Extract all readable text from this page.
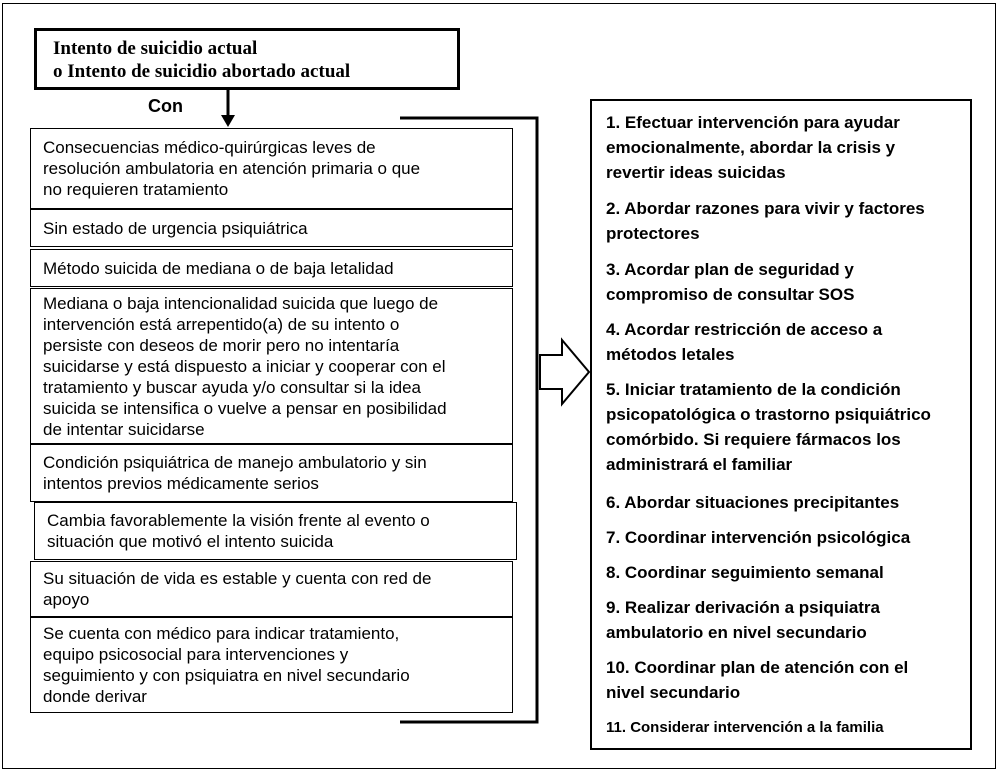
Intento de suicidio actual
o Intento de suicidio abortado actual
Con
Consecuencias médico-quirúrgicas leves de
resolución ambulatoria en atención primaria o que
no requieren tratamiento
Sin estado de urgencia psiquiátrica
Método suicida de mediana o de baja letalidad
Mediana o baja intencionalidad suicida que luego de
intervención está arrepentido(a) de su intento o
persiste con deseos de morir pero no intentaría
suicidarse y está dispuesto a iniciar y cooperar con el
tratamiento y buscar ayuda y/o consultar si la idea
suicida se intensifica o vuelve a pensar en posibilidad
de intentar suicidarse
Condición psiquiátrica de manejo ambulatorio y sin
intentos previos médicamente serios
Cambia favorablemente la visión frente al evento o
situación que motivó el intento suicida
Su situación de vida es estable y cuenta con red de
apoyo
Se cuenta con médico para indicar tratamiento,
equipo psicosocial para intervenciones y
seguimiento y con psiquiatra en nivel secundario
donde derivar
1. Efectuar intervención para ayudar
emocionalmente, abordar la crisis y
revertir ideas suicidas
2. Abordar razones para vivir y factores
protectores
3. Acordar plan de seguridad y
compromiso de consultar SOS
4. Acordar restricción de acceso a
métodos letales
5. Iniciar tratamiento de la condición
psicopatológica o trastorno psiquiátrico
comórbido. Si requiere fármacos los
administrará el familiar
6. Abordar situaciones precipitantes
7. Coordinar intervención psicológica
8. Coordinar seguimiento semanal
9. Realizar derivación a psiquiatra
ambulatorio en nivel secundario
10. Coordinar plan de atención con el
nivel secundario
11. Considerar intervención a la familia
